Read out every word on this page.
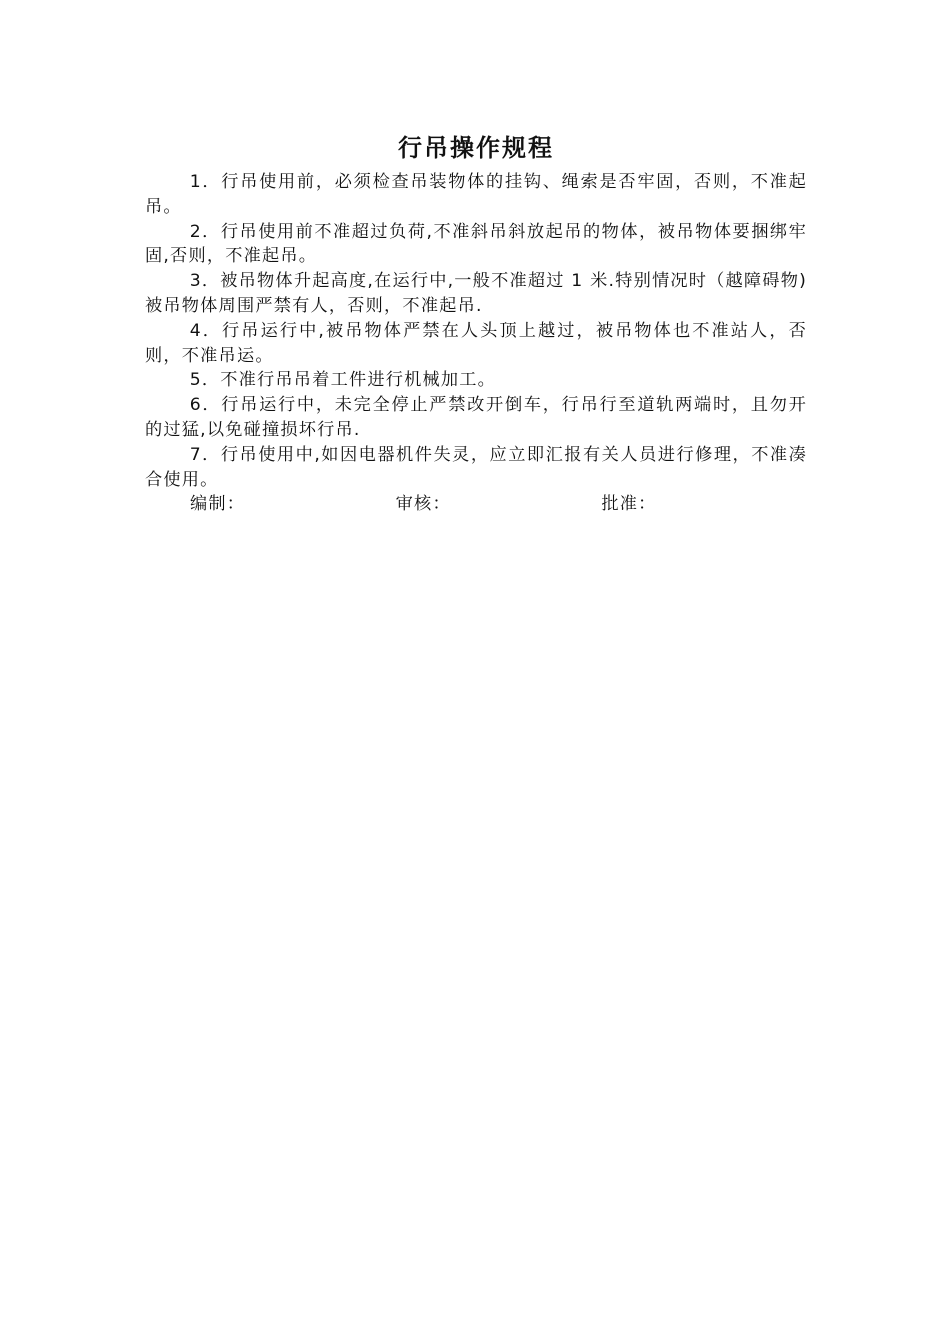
行吊操作规程

1．行吊使用前，必须检查吊装物体的挂钩、绳索是否牢固，否则，不准起吊。

2．行吊使用前不准超过负荷,不准斜吊斜放起吊的物体，被吊物体要捆绑牢固,否则，不准起吊。

3．被吊物体升起高度,在运行中,一般不准超过 1 米.特别情况时（越障碍物)被吊物体周围严禁有人，否则，不准起吊.

4．行吊运行中,被吊物体严禁在人头顶上越过，被吊物体也不准站人，否则，不准吊运。

5．不准行吊吊着工件进行机械加工。

6．行吊运行中，未完全停止严禁改开倒车，行吊行至道轨两端时，且勿开的过猛,以免碰撞损坏行吊.

7．行吊使用中,如因电器机件失灵，应立即汇报有关人员进行修理，不准凑合使用。

编制：	审核：	批准：
